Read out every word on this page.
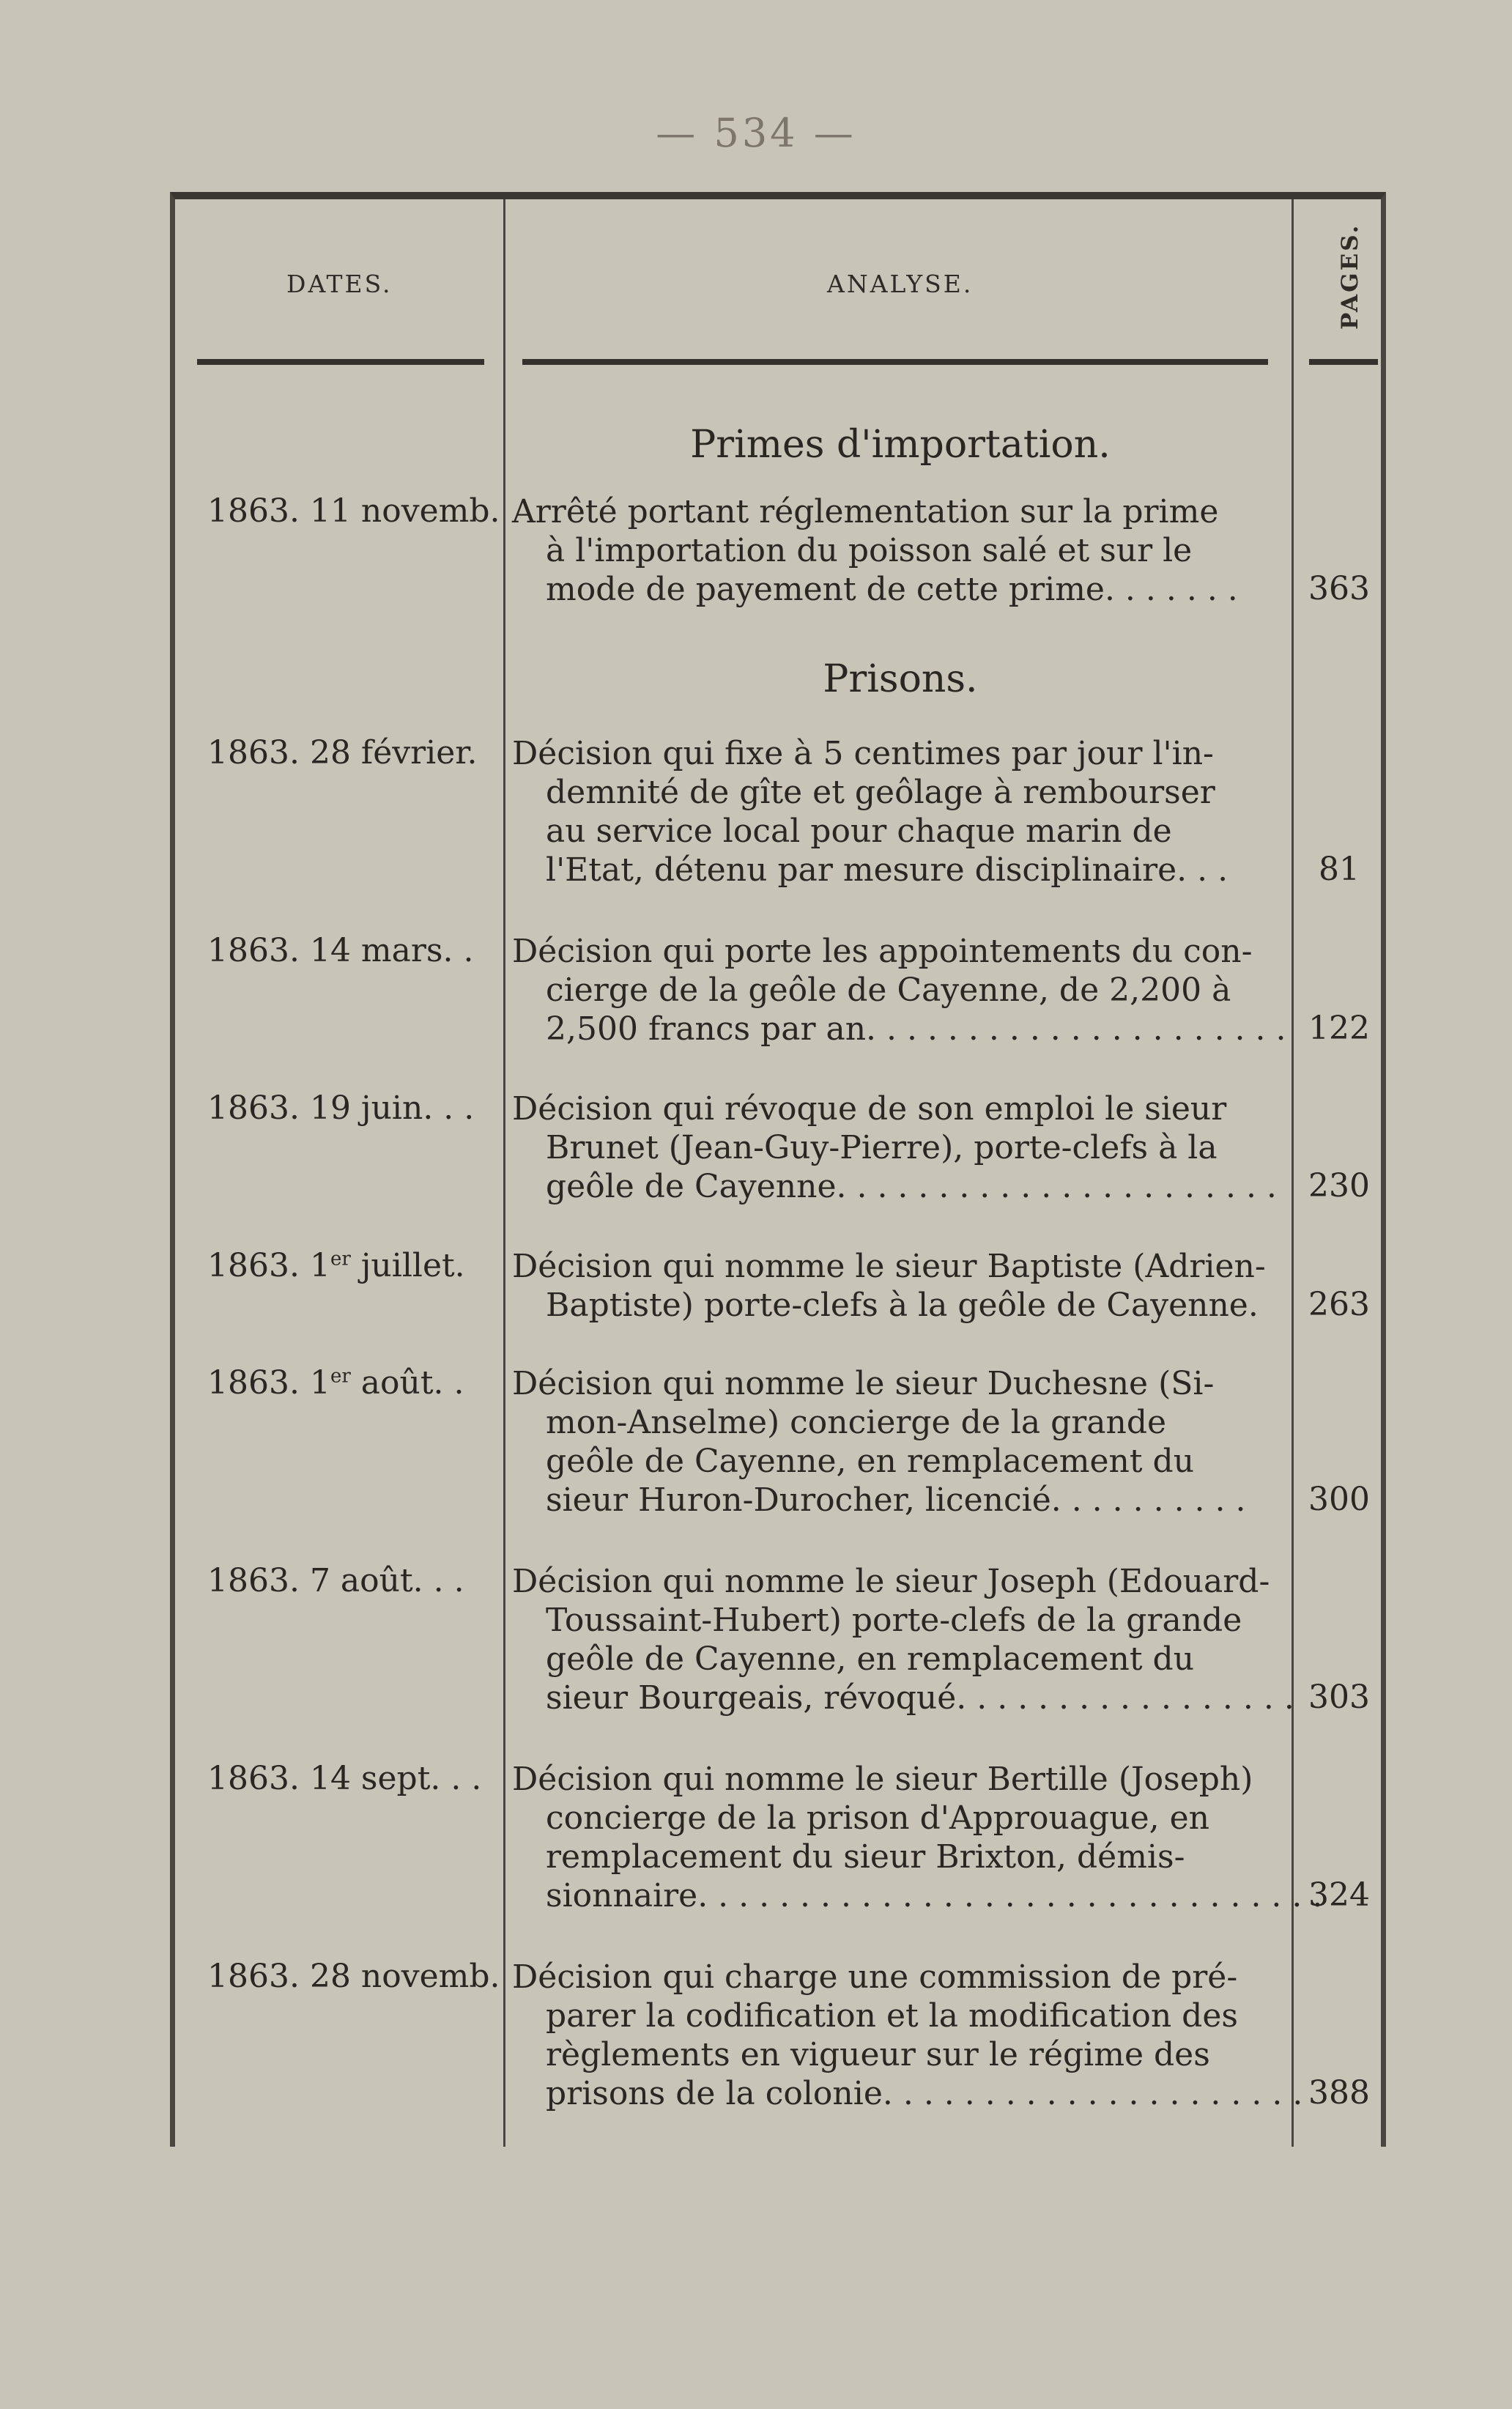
— 534 —
DATES.	ANALYSE.	PAGES.
Primes d'importation.
1863. 11 novemb. Arrêté portant réglementation sur la prime
à l'importation du poisson salé et sur le
mode de payement de cette prime. . . . . . .	363
Prisons.
1863. 28 février. Décision qui fixe à 5 centimes par jour l'in-
demnité de gîte et geôlage à rembourser
au service local pour chaque marin de
l'Etat, détenu par mesure disciplinaire. . .	81
1863. 14 mars. . Décision qui porte les appointements du con-
cierge de la geôle de Cayenne, de 2,200 à
2,500 francs par an. . . . . . . . . . . . . . . . . . . . . 122
1863. 19 juin. . . Décision qui révoque de son emploi le sieur
Brunet (Jean-Guy-Pierre), porte-clefs à la
geôle de Cayenne. . . . . . . . . . . . . . . . . . . . . . 230
1863. 1er juillet. Décision qui nomme le sieur Baptiste (Adrien-
Baptiste) porte-clefs à la geôle de Cayenne.	263
1863. 1er août. . Décision qui nomme le sieur Duchesne (Si-
mon-Anselme) concierge de la grande
geôle de Cayenne, en remplacement du
sieur Huron-Durocher, licencié. . . . . . . . . .	300
1863. 7 août. . . Décision qui nomme le sieur Joseph (Edouard-
Toussaint-Hubert) porte-clefs de la grande
geôle de Cayenne, en remplacement du
sieur Bourgeais, révoqué. . . . . . . . . . . . . . . . . 303
1863. 14 sept. . . Décision qui nomme le sieur Bertille (Joseph)
concierge de la prison d'Approuague, en
remplacement du sieur Brixton, démis-
sionnaire. . . . . . . . . . . . . . . . . . . . . . . . . . . . . . .
324
1863. 28 novemb. Décision qui charge une commission de pré-
parer la codification et la modification des
règlements en vigueur sur le régime des
prisons de la colonie. . . . . . . . . . . . . . . . . . . . . 388
